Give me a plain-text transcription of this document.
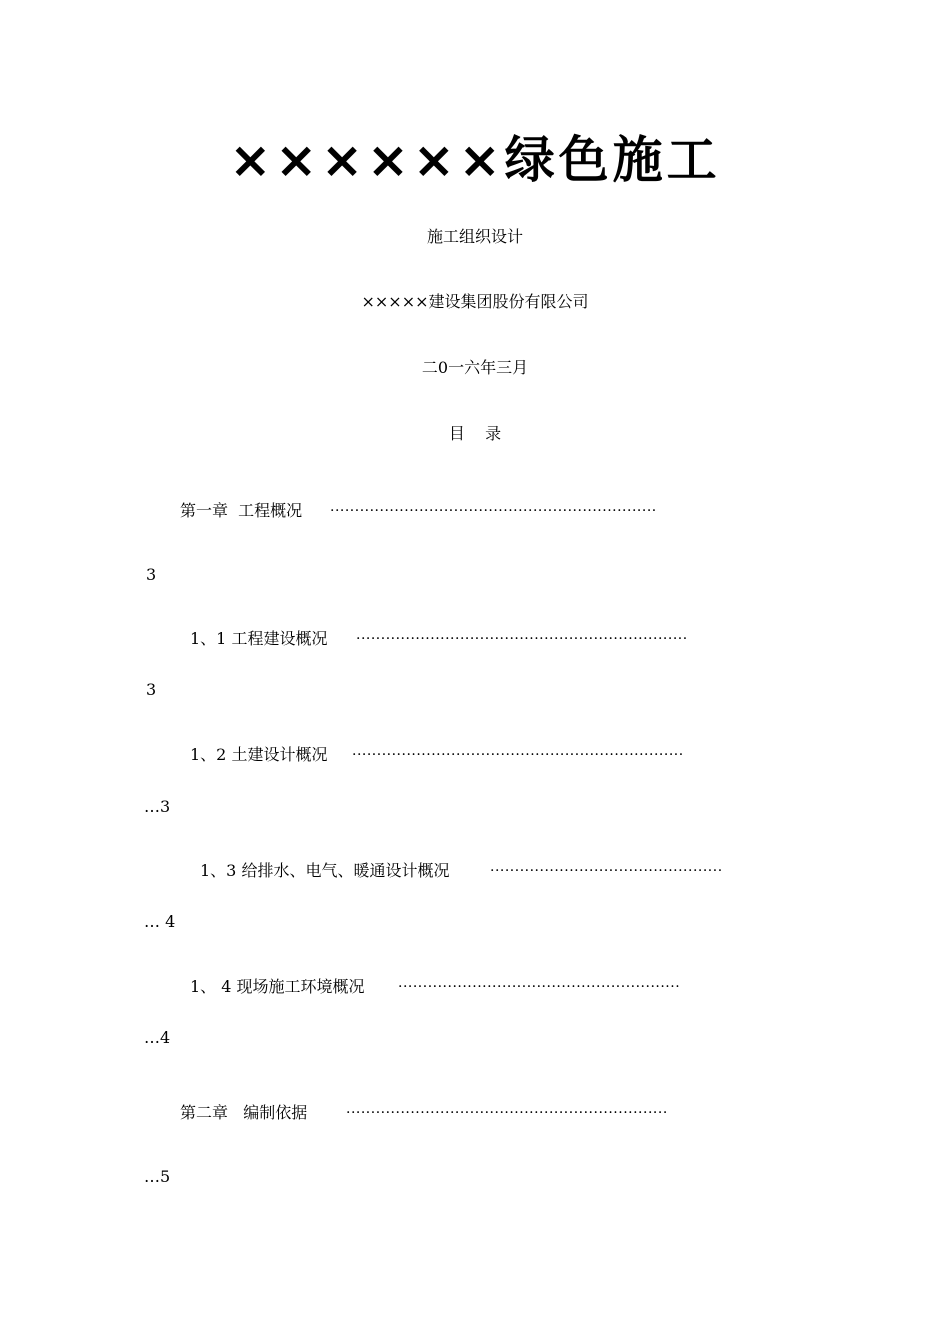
××××××绿色施工
施工组织设计
×××××建设集团股份有限公司
二0一六年三月
目    录
第一章  工程概况 ··································································
3
1、1 工程建设概况 ···································································
3
1、2 土建设计概况 ···································································
…3
1、3 给排水、电气、暖通设计概况	···············································
… 4
1、 4 现场施工环境概况 ·························································
…4
第二章   编制依据	·································································
…5
